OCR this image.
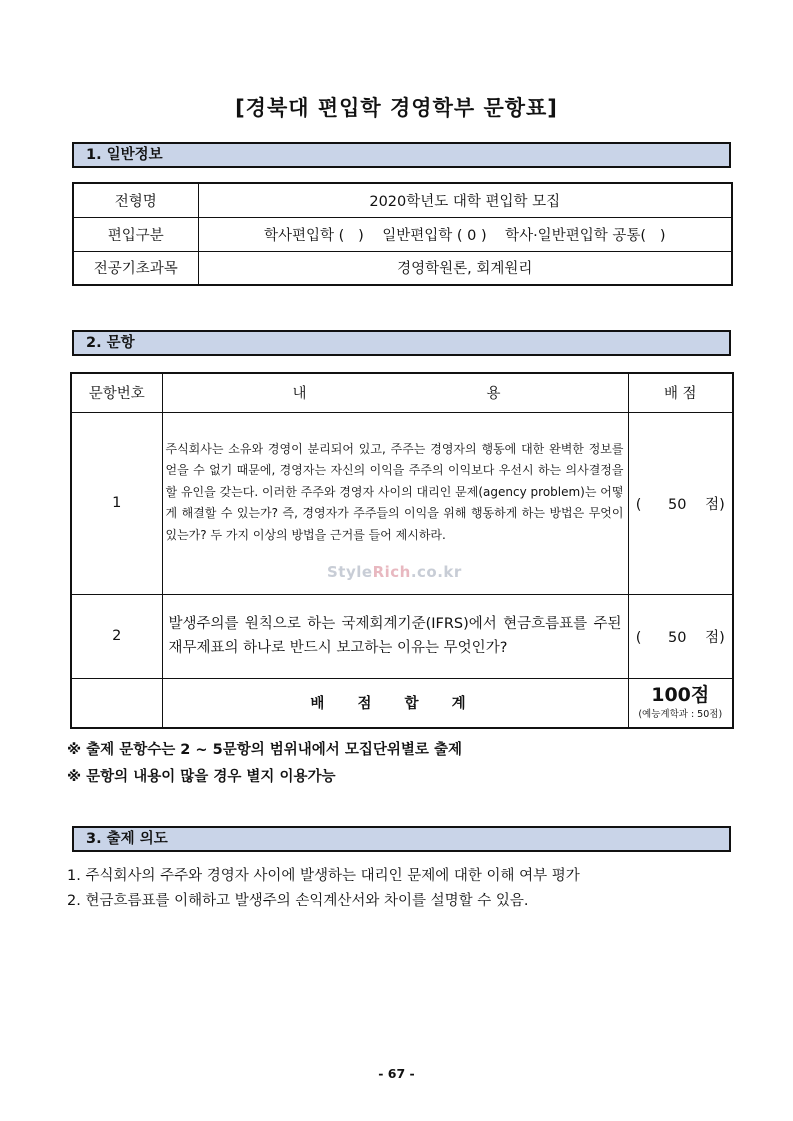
[경북대 편입학 경영학부 문항표]
1. 일반정보
전형명	2020학년도 대학 편입학 모집
편입구분	학사편입학 (   )    일반편입학 ( 0 )    학사·일반편입학 공통(   )
전공기초과목	경영학원론, 회계원리
2. 문항
문항번호	내 용	배 점
1	주식회사는 소유와 경영이 분리되어 있고, 주주는 경영자의 행동에 대한 완벽한 정보를 얻을 수 없기 때문에, 경영자는 자신의 이익을 주주의 이익보다 우선시 하는 의사결정을 할 유인을 갖는다. 이러한 주주와 경영자 사이의 대리인 문제(agency problem)는 어떻게 해결할 수 있는가? 즉, 경영자가 주주들의 이익을 위해 행동하게 하는 방법은 무엇이 있는가? 두 가지 이상의 방법을 근거를 들어 제시하라.	( 50 점)
2	발생주의를 원칙으로 하는 국제회계기준(IFRS)에서 현금흐름표를 주된 재무제표의 하나로 반드시 보고하는 이유는 무엇인가?	( 50 점)
	배 점 합 계	100점
(예능계학과 : 50점)
StyleRich.co.kr
※ 출제 문항수는 2 ~ 5문항의 범위내에서 모집단위별로 출제
※ 문항의 내용이 많을 경우 별지 이용가능
3. 출제 의도
1. 주식회사의 주주와 경영자 사이에 발생하는 대리인 문제에 대한 이해 여부 평가
2. 현금흐름표를 이해하고 발생주의 손익계산서와 차이를 설명할 수 있음.
- 67 -
